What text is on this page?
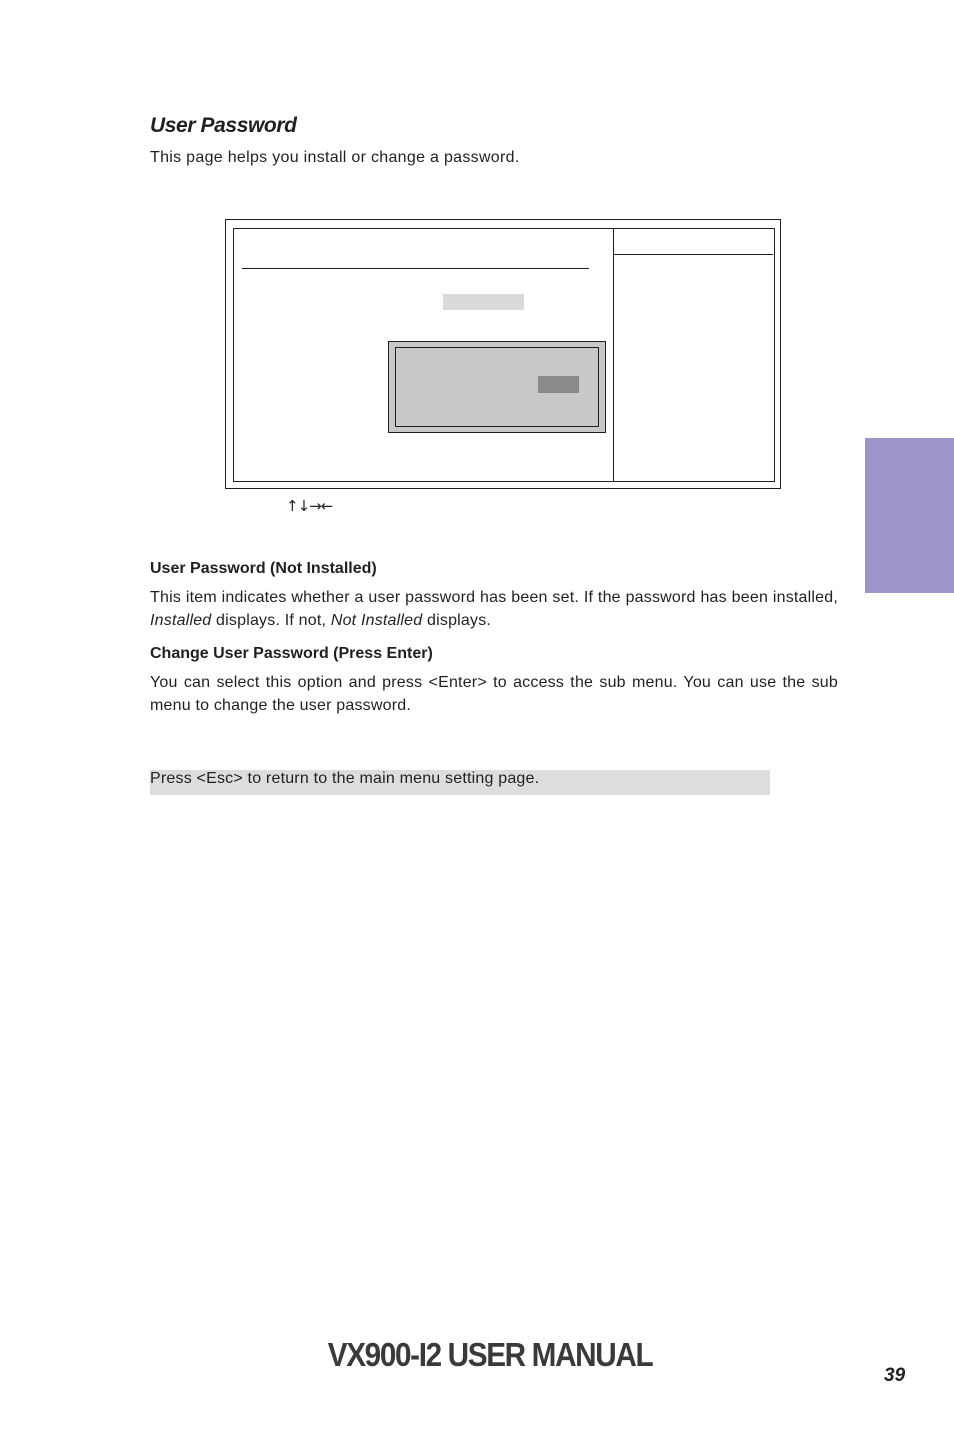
User Password
This page helps you install or change a password.
↑↓→←
User Password (Not Installed)

This item indicates whether a user password has been set. If the password has been installed, Installed displays. If not, Not Installed displays.

Change User Password (Press Enter)

You can select this option and press <Enter> to access the sub menu. You can use the sub menu to change the user password.

Press <Esc> to return to the main menu setting page.
VX900-I2 USER MANUAL
39
